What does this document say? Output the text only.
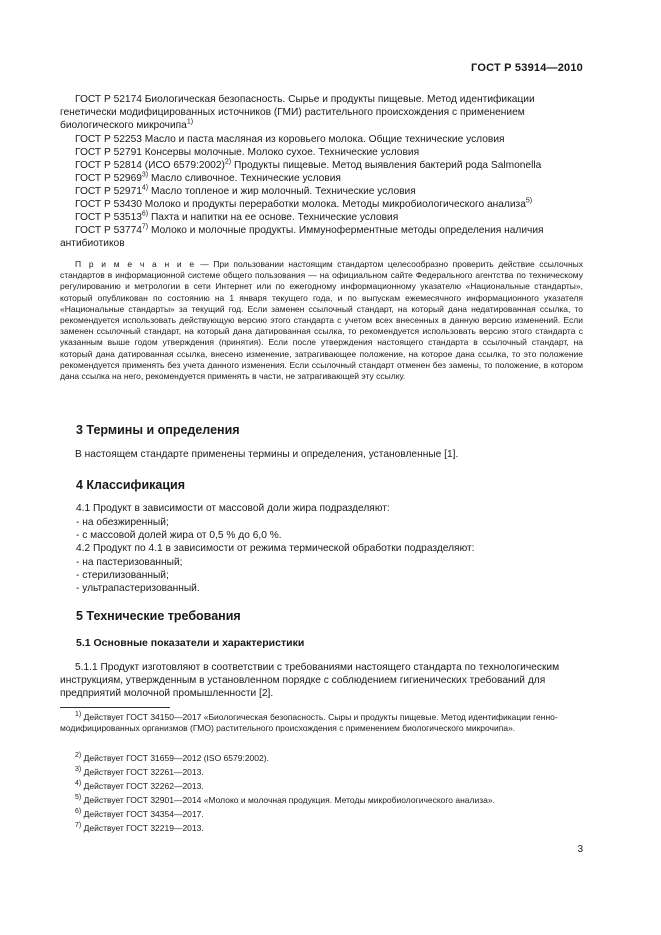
ГОСТ Р 53914—2010

ГОСТ Р 52174 Биологическая безопасность. Сырье и продукты пищевые. Метод идентификации генетически модифицированных источников (ГМИ) растительного происхождения с применением биологического микрочипа$^{1)}$

ГОСТ Р 52253 Масло и паста масляная из коровьего молока. Общие технические условия

ГОСТ Р 52791 Консервы молочные. Молоко сухое. Технические условия

ГОСТ Р 52814 (ИСО 6579:2002)$^{2)}$ Продукты пищевые. Метод выявления бактерий рода Salmonella

ГОСТ Р 52969$^{3)}$ Масло сливочное. Технические условия

ГОСТ Р 52971$^{4)}$ Масло топленое и жир молочный. Технические условия

ГОСТ Р 53430 Молоко и продукты переработки молока. Методы микробиологического анализа$^{5)}$

ГОСТ Р 53513$^{6)}$ Пахта и напитки на ее основе. Технические условия

ГОСТ Р 53774$^{7)}$ Молоко и молочные продукты. Иммуноферментные методы определения наличия антибиотиков

П р и м е ч а н и е — При пользовании настоящим стандартом целесообразно проверить действие ссылочных стандартов в информационной системе общего пользования — на официальном сайте Федерального агентства по техническому регулированию и метрологии в сети Интернет или по ежегодному информационному указателю «Национальные стандарты», который опубликован по состоянию на 1 января текущего года, и по выпускам ежемесячного информационного указателя «Национальные стандарты» за текущий год. Если заменен ссылочный стандарт, на который дана недатированная ссылка, то рекомендуется использовать действующую версию этого стандарта с учетом всех внесенных в данную версию изменений. Если заменен ссылочный стандарт, на который дана датированная ссылка, то рекомендуется использовать версию этого стандарта с указанным выше годом утверждения (принятия). Если после утверждения настоящего стандарта в ссылочный стандарт, на который дана датированная ссылка, внесено изменение, затрагивающее положение, на которое дана ссылка, то это положение рекомендуется применять без учета данного изменения. Если ссылочный стандарт отменен без замены, то положение, в котором дана ссылка на него, рекомендуется применять в части, не затрагивающей эту ссылку.

3 Термины и определения

В настоящем стандарте применены термины и определения, установленные [1].

4 Классификация

4.1 Продукт в зависимости от массовой доли жира подразделяют:

- на обезжиренный;

- с массовой долей жира от 0,5 % до 6,0 %.

4.2 Продукт по 4.1 в зависимости от режима термической обработки подразделяют:

- на пастеризованный;

- стерилизованный;

- ультрапастеризованный.

5 Технические требования
5.1 Основные показатели и характеристики

5.1.1 Продукт изготовляют в соответствии с требованиями настоящего стандарта по технологическим инструкциям, утвержденным в установленном порядке с соблюдением гигиенических требований для предприятий молочной промышленности [2].

$^{1)}$ Действует ГОСТ 34150—2017 «Биологическая безопасность. Сыры и продукты пищевые. Метод идентификации генно-модифицированных организмов (ГМО) растительного происхождения с применением биологического микрочипа».

$^{2)}$ Действует ГОСТ 31659—2012 (ISO 6579:2002).

$^{3)}$ Действует ГОСТ 32261—2013.

$^{4)}$ Действует ГОСТ 32262—2013.

$^{5)}$ Действует ГОСТ 32901—2014 «Молоко и молочная продукция. Методы микробиологического анализа».

$^{6)}$ Действует ГОСТ 34354—2017.

$^{7)}$ Действует ГОСТ 32219—2013.

3
